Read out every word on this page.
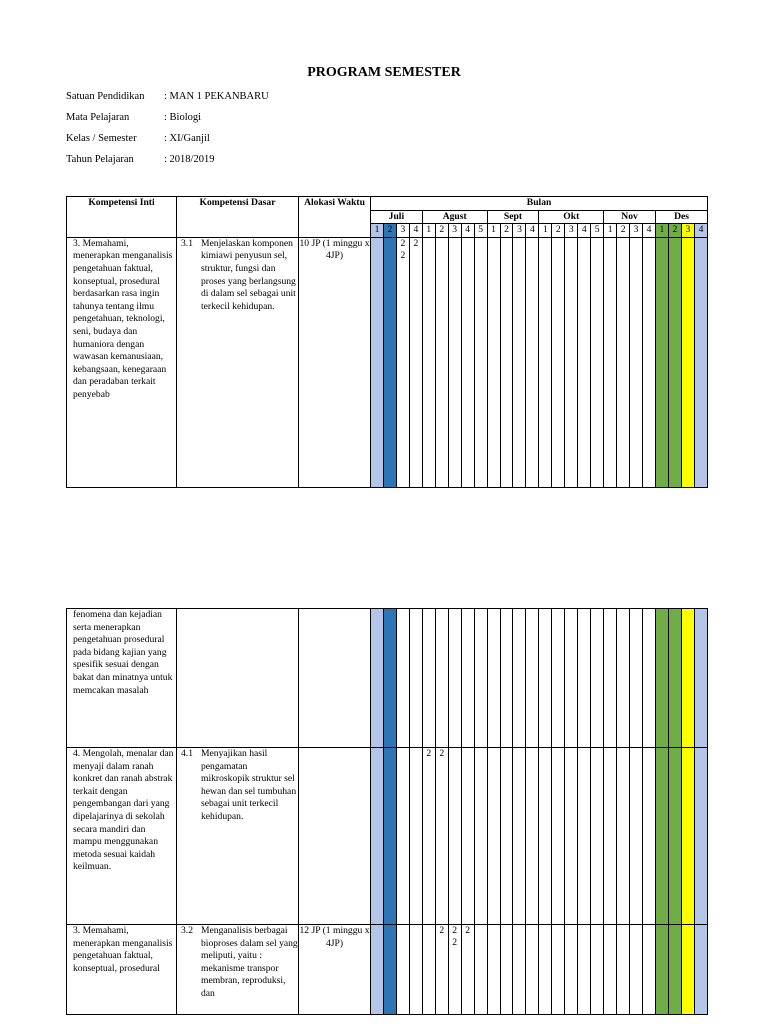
PROGRAM SEMESTER
Satuan Pendidikan : MAN 1 PEKANBARU
Mata Pelajaran	: Biologi
Kelas / Semester	: XI/Ganjil
Tahun Pelajaran	: 2018/2019
Kompetensi Inti	Kompetensi Dasar	Alokasi Waktu	Bulan																									
			Juli				Agust					Sept				Okt					Nov				Des			
			1	2	3	4	1	2	3	4	5	1	2	3	4	1	2	3	4	5	1	2	3	4	1	2	3	4
3. Memahami, menerapkan menganalisis pengetahuan faktual, konseptual, prosedural berdasarkan rasa ingin tahunya tentang ilmu pengetahuan, teknologi, seni, budaya dan humaniora dengan wawasan kemanusiaan, kebangsaan, kenegaraan dan peradaban terkait penyebab	3.1 Menjelaskan komponen kimiawi penyusun sel, struktur, fungsi dan proses yang berlangsung di dalam sel sebagai unit terkecil kehidupan.	10 JP (1 minggu x 4JP)			2 2	2																						
fenomena dan kejadian serta menerapkan pengetahuan prosedural pada bidang kajian yang spesifik sesuai dengan bakat dan minatnya untuk memcakan masalah																												
4. Mengolah, menalar dan menyaji dalam ranah konkret dan ranah abstrak terkait dengan pengembangan dari yang dipelajarinya di sekolah secara mandiri dan mampu menggunakan metoda sesuai kaidah keilmuan.	4.1 Menyajikan hasil pengamatan mikroskopik struktur sel hewan dan sel tumbuhan sebagai unit terkecil kehidupan.						2	2																				
3. Memahami, menerapkan menganalisis pengetahuan faktual, konseptual, prosedural	3.2 Menganalisis berbagai bioproses dalam sel yang meliputi, yaitu : mekanisme transpor membran, reproduksi, dan	12 JP (1 minggu x 4JP)						2	2 2	2																		
